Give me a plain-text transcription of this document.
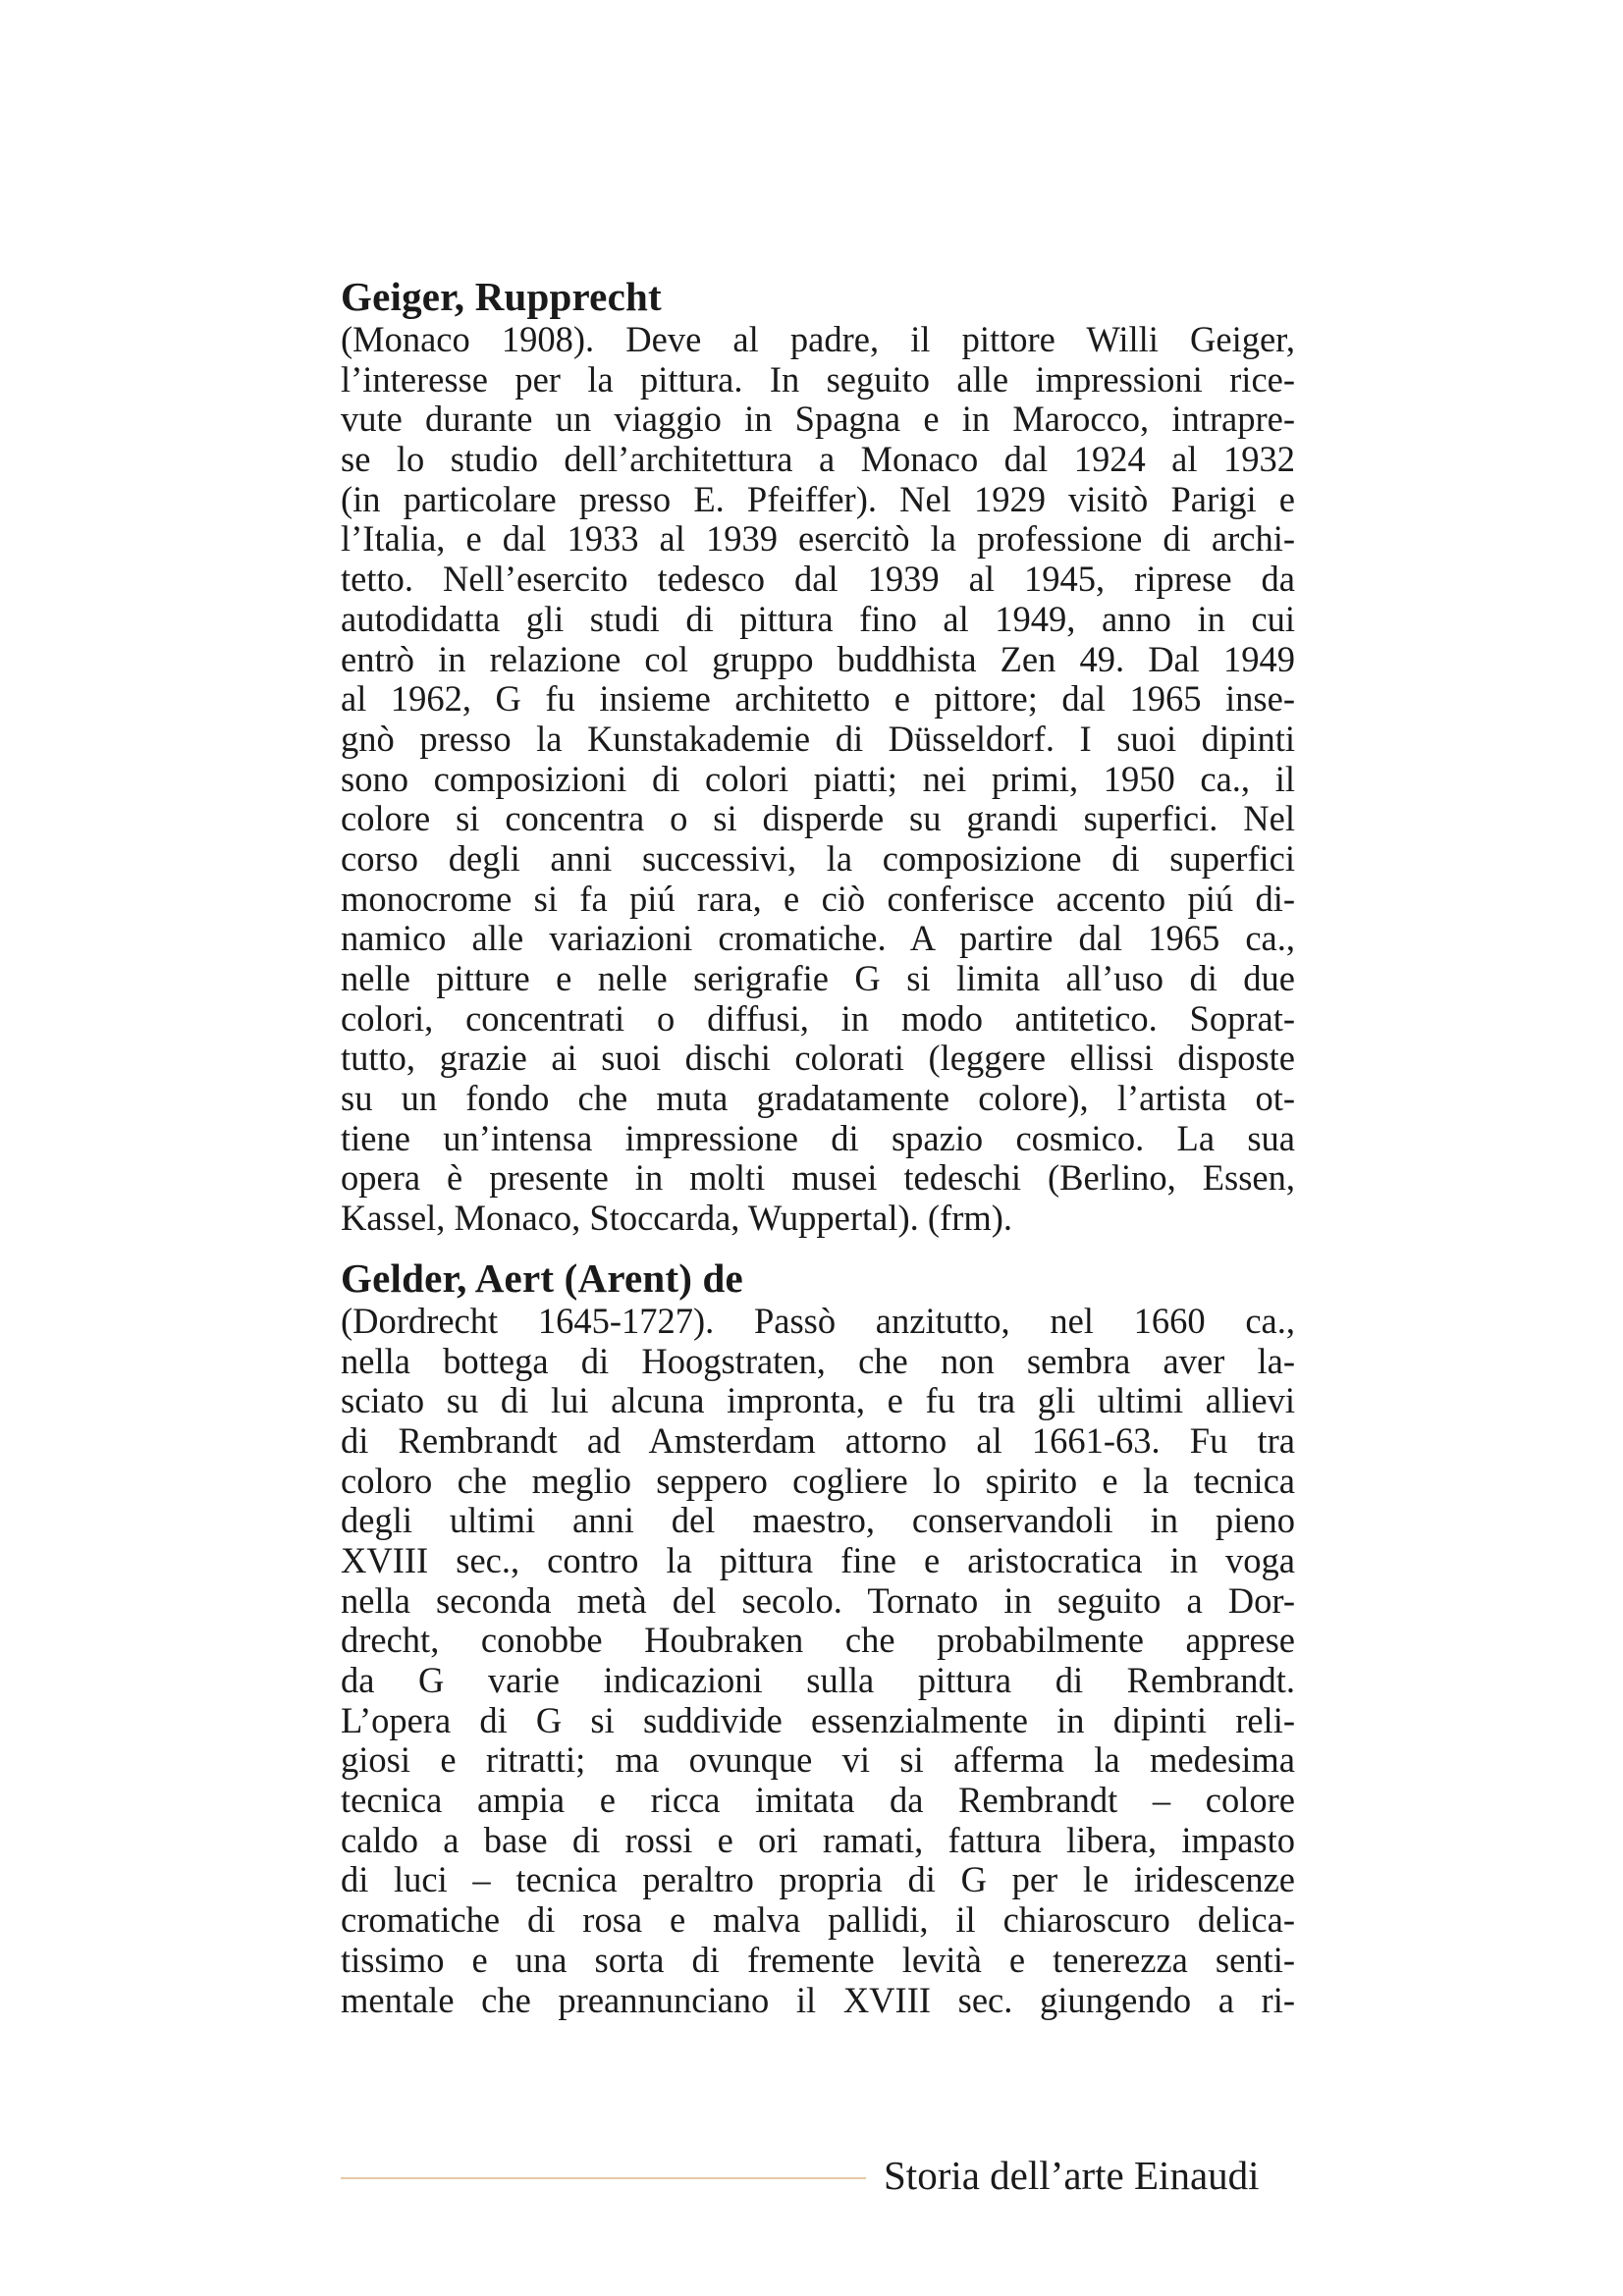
Geiger, Rupprecht
(Monaco 1908). Deve al padre, il pittore Willi Geiger,
l’interesse per la pittura. In seguito alle impressioni rice-
vute durante un viaggio in Spagna e in Marocco, intrapre-
se lo studio dell’architettura a Monaco dal 1924 al 1932
(in particolare presso E. Pfeiffer). Nel 1929 visitò Parigi e
l’Italia, e dal 1933 al 1939 esercitò la professione di archi-
tetto. Nell’esercito tedesco dal 1939 al 1945, riprese da
autodidatta gli studi di pittura fino al 1949, anno in cui
entrò in relazione col gruppo buddhista Zen 49. Dal 1949
al 1962, G fu insieme architetto e pittore; dal 1965 inse-
gnò presso la Kunstakademie di Düsseldorf. I suoi dipinti
sono composizioni di colori piatti; nei primi, 1950 ca., il
colore si concentra o si disperde su grandi superfici. Nel
corso degli anni successivi, la composizione di superfici
monocrome si fa piú rara, e ciò conferisce accento piú di-
namico alle variazioni cromatiche. A partire dal 1965 ca.,
nelle pitture e nelle serigrafie G si limita all’uso di due
colori, concentrati o diffusi, in modo antitetico. Soprat-
tutto, grazie ai suoi dischi colorati (leggere ellissi disposte
su un fondo che muta gradatamente colore), l’artista ot-
tiene un’intensa impressione di spazio cosmico. La sua
opera è presente in molti musei tedeschi (Berlino, Essen,
Kassel, Monaco, Stoccarda, Wuppertal). (frm).
Gelder, Aert (Arent) de
(Dordrecht 1645-1727). Passò anzitutto, nel 1660 ca.,
nella bottega di Hoogstraten, che non sembra aver la-
sciato su di lui alcuna impronta, e fu tra gli ultimi allievi
di Rembrandt ad Amsterdam attorno al 1661-63. Fu tra
coloro che meglio seppero cogliere lo spirito e la tecnica
degli ultimi anni del maestro, conservandoli in pieno
XVIII sec., contro la pittura fine e aristocratica in voga
nella seconda metà del secolo. Tornato in seguito a Dor-
drecht, conobbe Houbraken che probabilmente apprese
da G varie indicazioni sulla pittura di Rembrandt.
L’opera di G si suddivide essenzialmente in dipinti reli-
giosi e ritratti; ma ovunque vi si afferma la medesima
tecnica ampia e ricca imitata da Rembrandt – colore
caldo a base di rossi e ori ramati, fattura libera, impasto
di luci – tecnica peraltro propria di G per le iridescenze
cromatiche di rosa e malva pallidi, il chiaroscuro delica-
tissimo e una sorta di fremente levità e tenerezza senti-
mentale che preannunciano il XVIII sec. giungendo a ri-
Storia dell’arte Einaudi
